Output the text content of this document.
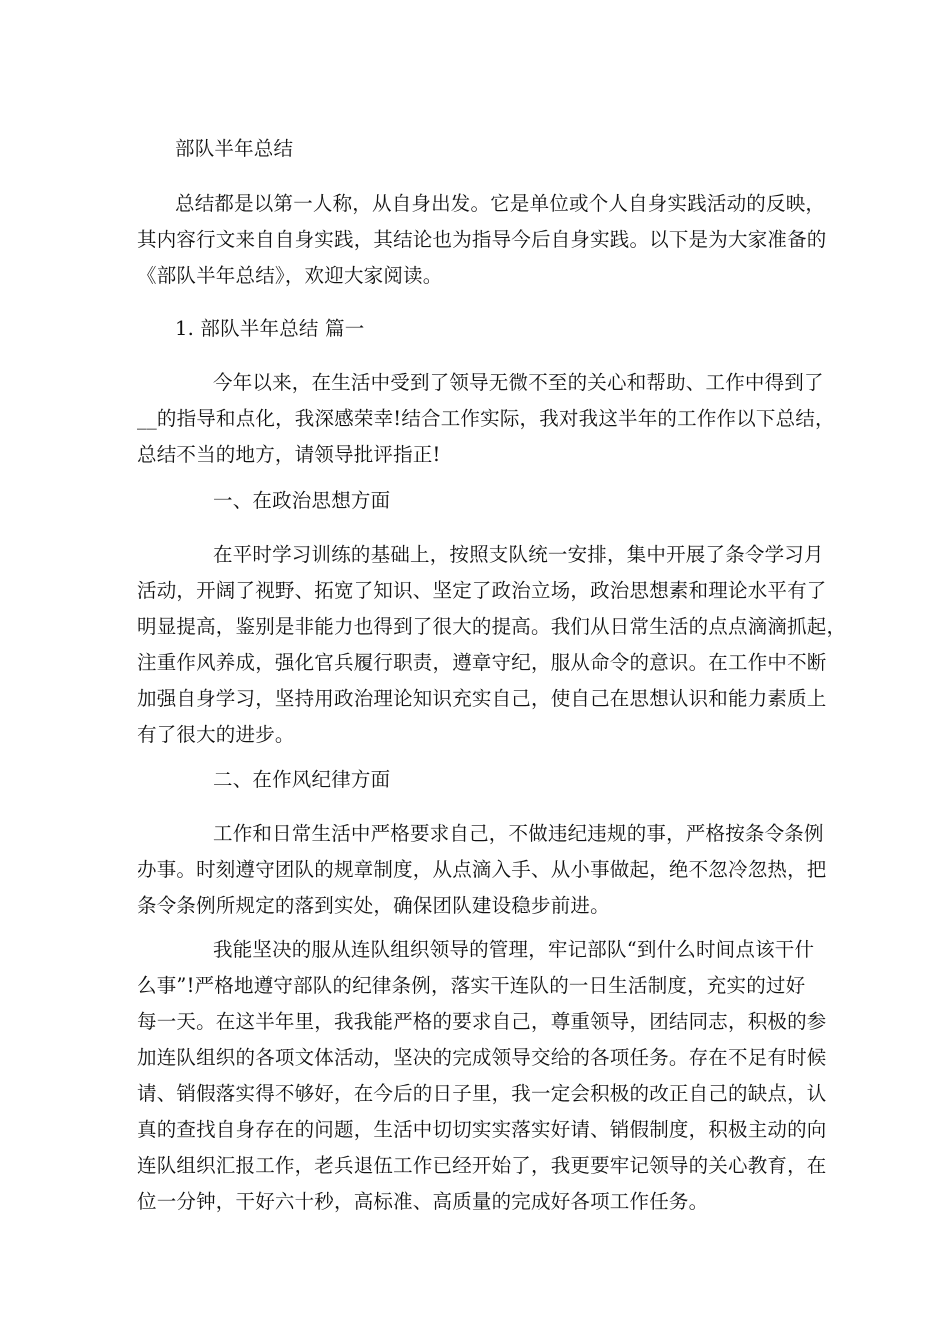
部队半年总结

总结都是以第一人称，从自身出发。它是单位或个人自身实践活动的反映，
其内容行文来自自身实践，其结论也为指导今后自身实践。以下是为大家准备的
《部队半年总结》，欢迎大家阅读。

1. 部队半年总结 篇一

今年以来，在生活中受到了领导无微不至的关心和帮助、工作中得到了
__的指导和点化，我深感荣幸!结合工作实际，我对我这半年的工作作以下总结，
总结不当的地方，请领导批评指正!

一、在政治思想方面

在平时学习训练的基础上，按照支队统一安排，集中开展了条令学习月
活动，开阔了视野、拓宽了知识、坚定了政治立场，政治思想素和理论水平有了
明显提高，鉴别是非能力也得到了很大的提高。我们从日常生活的点点滴滴抓起，
注重作风养成，强化官兵履行职责，遵章守纪，服从命令的意识。在工作中不断
加强自身学习，坚持用政治理论知识充实自己，使自己在思想认识和能力素质上
有了很大的进步。

二、在作风纪律方面

工作和日常生活中严格要求自己，不做违纪违规的事，严格按条令条例
办事。时刻遵守团队的规章制度，从点滴入手、从小事做起，绝不忽冷忽热，把
条令条例所规定的落到实处，确保团队建设稳步前进。

我能坚决的服从连队组织领导的管理，牢记部队“到什么时间点该干什
么事”!严格地遵守部队的纪律条例，落实干连队的一日生活制度，充实的过好
每一天。在这半年里，我我能严格的要求自己，尊重领导，团结同志，积极的参
加连队组织的各项文体活动，坚决的完成领导交给的各项任务。存在不足有时候
请、销假落实得不够好，在今后的日子里，我一定会积极的改正自己的缺点，认
真的查找自身存在的问题，生活中切切实实落实好请、销假制度，积极主动的向
连队组织汇报工作，老兵退伍工作已经开始了，我更要牢记领导的关心教育，在
位一分钟，干好六十秒，高标准、高质量的完成好各项工作任务。
